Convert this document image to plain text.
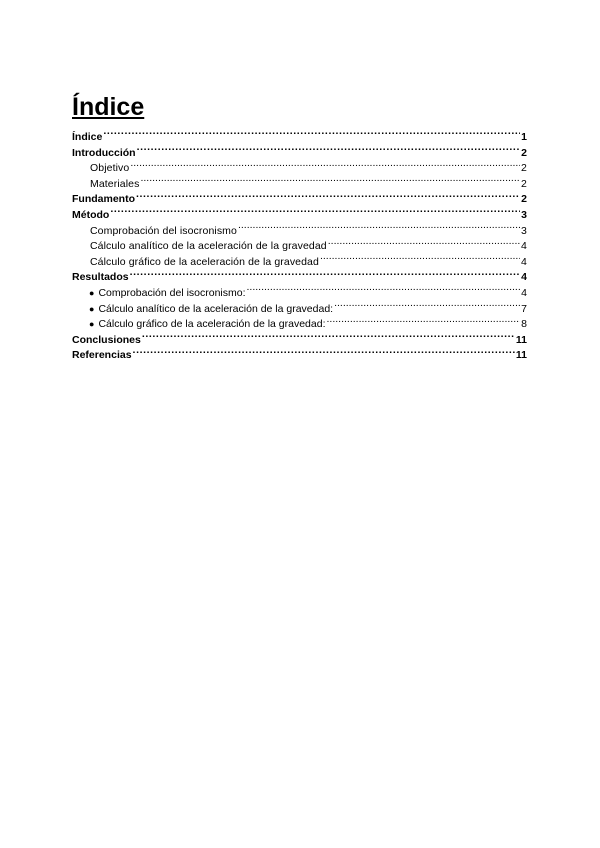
Índice
Índice .....	1
Introducción .....	2
Objetivo .....	2
Materiales .....	2
Fundamento .....	2
Método .....	3
Comprobación del isocronismo .....	3
Cálculo analítico de la aceleración de la gravedad .....	4
Cálculo gráfico de la aceleración de la gravedad .....	4
Resultados .....	4
● Comprobación del isocronismo: .....	4
● Cálculo analítico de la aceleración de la gravedad: .....	7
● Cálculo gráfico de la aceleración de la gravedad: .....	8
Conclusiones .....	11
Referencias .....	11
